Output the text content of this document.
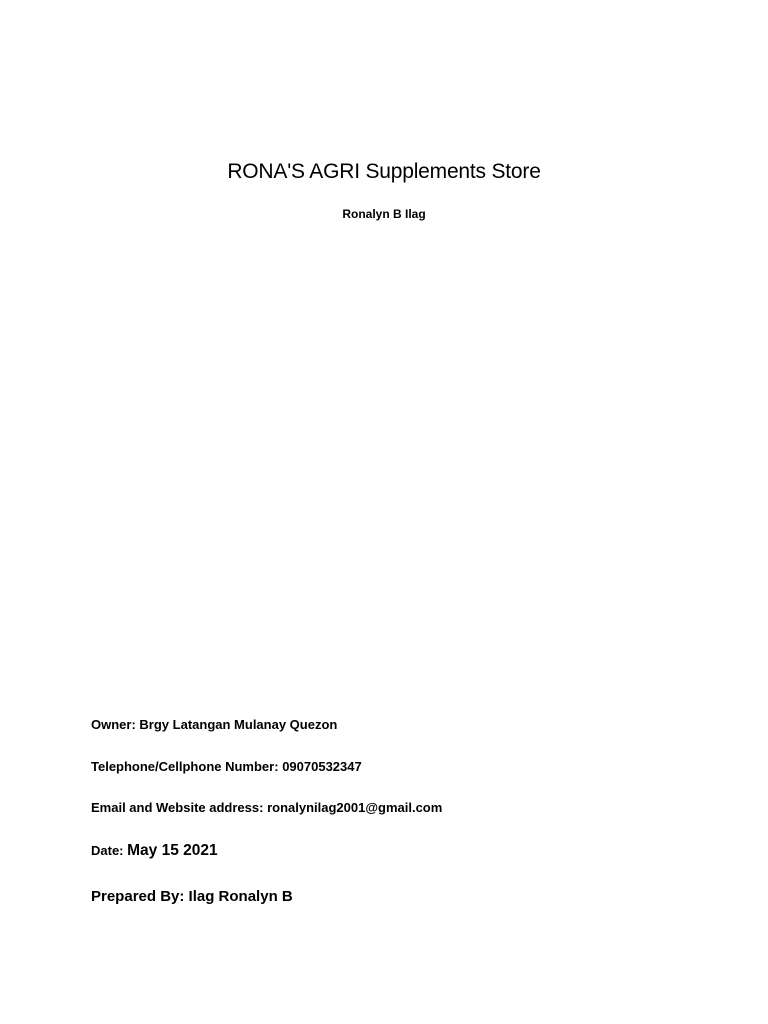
RONA'S AGRI Supplements Store

Ronalyn B Ilag

Owner: Brgy Latangan Mulanay Quezon

Telephone/Cellphone Number: 09070532347

Email and Website address: ronalynilag2001@gmail.com

Date: May 15 2021

Prepared By: Ilag Ronalyn B
